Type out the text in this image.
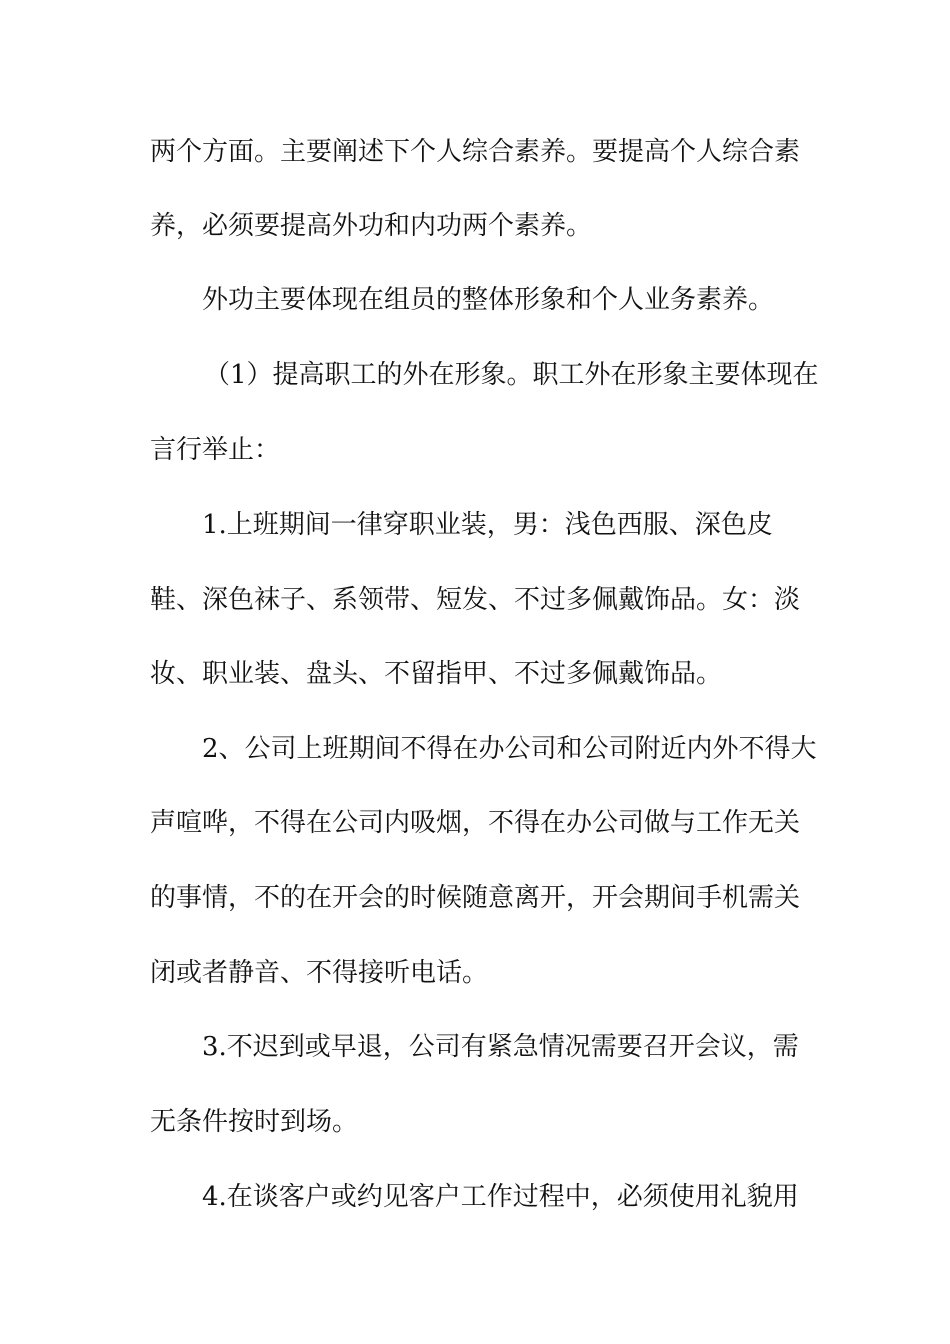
两个方面。主要阐述下个人综合素养。要提高个人综合素
养，必须要提高外功和内功两个素养。
外功主要体现在组员的整体形象和个人业务素养。
（1）提高职工的外在形象。职工外在形象主要体现在
言行举止：
1.上班期间一律穿职业装，男：浅色西服、深色皮
鞋、深色袜子、系领带、短发、不过多佩戴饰品。女：淡
妆、职业装、盘头、不留指甲、不过多佩戴饰品。
2、公司上班期间不得在办公司和公司附近内外不得大
声喧哗，不得在公司内吸烟，不得在办公司做与工作无关
的事情，不的在开会的时候随意离开，开会期间手机需关
闭或者静音、不得接听电话。
3.不迟到或早退，公司有紧急情况需要召开会议，需
无条件按时到场。
4.在谈客户或约见客户工作过程中，必须使用礼貌用
